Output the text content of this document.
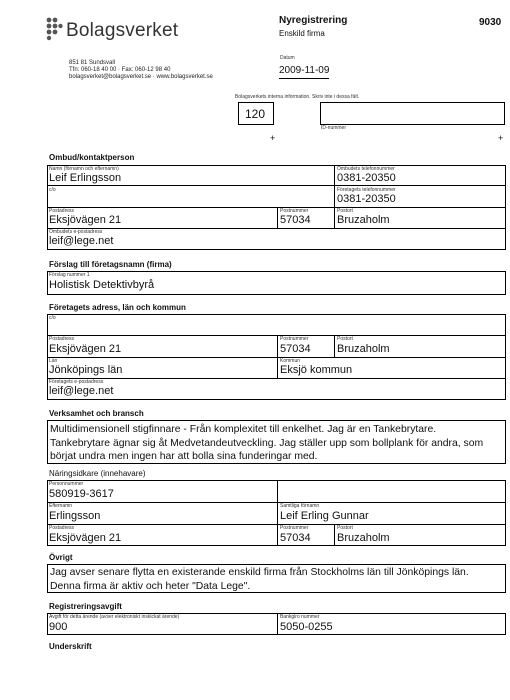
Bolagsverket
851 81 Sundsvall
Tfn: 060-18 40 00 · Fax: 060-12 98 40
bolagsverket@bolagsverket.se · www.bolagsverket.se
Nyregistrering
Enskild firma
9030
Datum
2009-11-09
Bolagsverkets interna information. Skriv inte i dessa fält.
120
ID-nummer
+	+
Ombud/kontaktperson
Namn (förnamn och efternamn)
Leif Erlingsson
Ombudets telefonnummer
0381-20350
c/o	Företagets telefonnummer
0381-20350
Postadress
Eksjövägen 21
Postnummer
57034
Postort
Bruzaholm
Ombudets e-postadress
leif@lege.net
Förslag till företagsnamn (firma)
Förslag nummer 1
Holistisk Detektivbyrå
Företagets adress, län och kommun
c/o
Postadress
Eksjövägen 21
Postnummer
57034
Postort
Bruzaholm
Län
Jönköpings län
Kommun
Eksjö kommun
Företagets e-postadress
leif@lege.net
Verksamhet och bransch
Multidimensionell stigfinnare - Från komplexitet till enkelhet. Jag är en Tankebrytare.
Tankebrytare ägnar sig åt Medvetandeutveckling. Jag ställer upp som bollplank för andra, som
börjat undra men ingen har att bolla sina funderingar med.
Näringsidkare (innehavare)
Personnummer
580919-3617
Efternamn
Erlingsson
Samtliga förnamn
Leif Erling Gunnar
Postadress
Eksjövägen 21
Postnummer
57034
Postort
Bruzaholm
Övrigt
Jag avser senare flytta en existerande enskild firma från Stockholms län till Jönköpings län.
Denna firma är aktiv och heter "Data Lege".
Registreringsavgift
Avgift för detta ärende (avser elektroniskt inskickat ärende)
900
Bankgiro nummer
5050-0255
Underskrift
